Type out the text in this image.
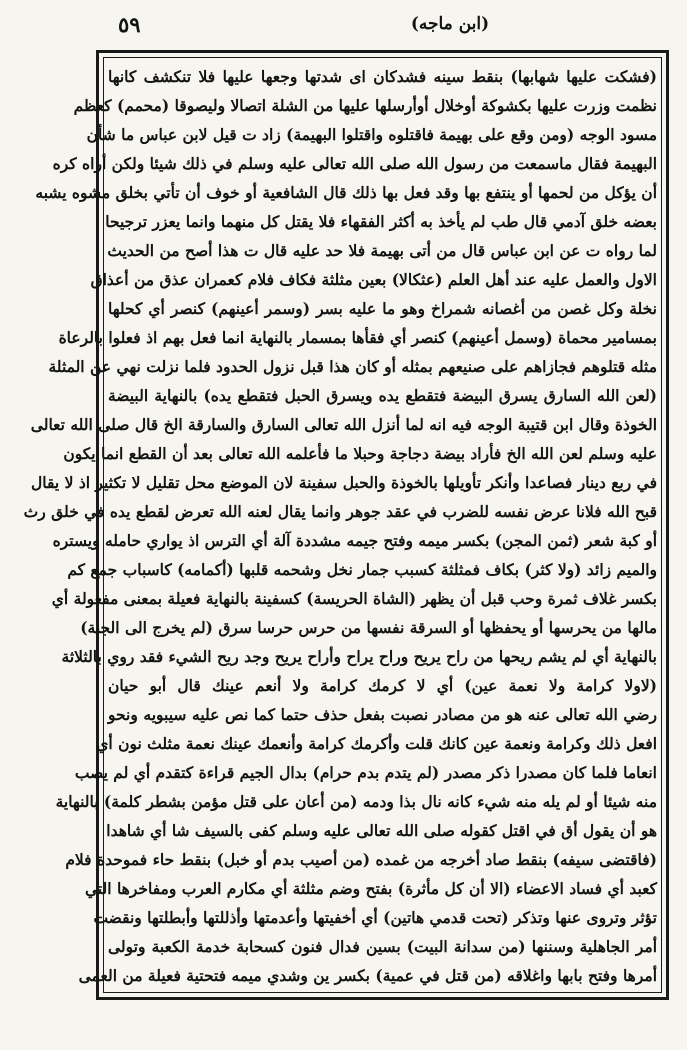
٥٩	(ابن ماجه)
(فشكت عليها شهابها) بنقط سينه فشدكان اى شدتها وجعها عليها فلا تنكشف كانها
نظمت وزرت عليها بكشوكة أوخلال أوأرسلها عليها من الشلة اتصالا وليصوقا (محمم) كعظم
مسود الوجه (ومن وقع على بهيمة فاقتلوه واقتلوا البهيمة) زاد ت قيل لابن عباس ما شأن
البهيمة فقال ماسمعت من رسول الله صلى الله تعالى عليه وسلم في ذلك شيئا ولكن أراه كره
أن يؤكل من لحمها أو ينتفع بها وقد فعل بها ذلك قال الشافعية أو خوف أن تأتي بخلق مشوه يشبه
بعضه خلق آدمي قال طب لم يأخذ به أكثر الفقهاء فلا يقتل كل منهما وانما يعزر ترجيحا
لما رواه ت عن ابن عباس قال من أتى بهيمة فلا حد عليه قال ت هذا أصح من الحديث
الاول والعمل عليه عند أهل العلم (عثكالا) بعين مثلثة فكاف فلام كعمران عذق من أعذاق
نخلة وكل غصن من أغصانه شمراخ وهو ما عليه بسر (وسمر أعينهم) كنصر أي كحلها
بمسامير محماة (وسمل أعينهم) كنصر أي فقأها بمسمار بالنهاية انما فعل بهم اذ فعلوا بالرعاة
مثله قتلوهم فجازاهم على صنيعهم بمثله أو كان هذا قبل نزول الحدود فلما نزلت نهي عن المثلة
(لعن الله السارق يسرق البيضة فتقطع يده ويسرق الحبل فتقطع يده) بالنهاية البيضة
الخوذة وقال ابن قتيبة الوجه فيه انه لما أنزل الله تعالى السارق والسارقة الخ قال صلى الله تعالى
عليه وسلم لعن الله الخ فأراد بيضة دجاجة وحبلا ما فأعلمه الله تعالى بعد أن القطع انما يكون
في ربع دينار فصاعدا وأنكر تأويلها بالخوذة والحبل سفينة لان الموضع محل تقليل لا تكثير اذ لا يقال
قبح الله فلانا عرض نفسه للضرب في عقد جوهر وانما يقال لعنه الله تعرض لقطع يده في خلق رث
أو كبة شعر (ثمن المجن) بكسر ميمه وفتح جيمه مشددة آلة أي الترس اذ يواري حامله ويستره
والميم زائد (ولا كثر) بكاف فمثلثة كسبب جمار نخل وشحمه قلبها (أكمامه) كاسباب جمع كم
بكسر غلاف ثمرة وحب قبل أن يظهر (الشاة الحريسة) كسفينة بالنهاية فعيلة بمعنى مفعولة أي
مالها من يحرسها أو يحفظها أو السرقة نفسها من حرس حرسا سرق (لم يخرج الى الجنة)
بالنهاية أي لم يشم ريحها من راح يريح وراح يراح وأراح يريح وجد ريح الشيء فقد روي بالثلاثة
(لاولا كرامة ولا نعمة عين) أي لا كرمك كرامة ولا أنعم عينك قال أبو حيان
رضي الله تعالى عنه هو من مصادر نصبت بفعل حذف حتما كما نص عليه سيبويه ونحو
افعل ذلك وكرامة ونعمة عين كانك قلت وأكرمك كرامة وأنعمك عينك نعمة مثلث نون أي
انعاما فلما كان مصدرا ذكر مصدر (لم يتدم بدم حرام) بدال الجيم قراءة كتقدم أي لم يصب
منه شيئا أو لم يله منه شيء كانه نال بذا ودمه (من أعان على قتل مؤمن بشطر كلمة) بالنهاية
هو أن يقول أق في اقتل كقوله صلى الله تعالى عليه وسلم كفى بالسيف شا أي شاهدا
(فاقتضى سيفه) بنقط صاد أخرجه من غمده (من أصيب بدم أو خبل) بنقط حاء فموحدة فلام
كعبد أي فساد الاعضاء (الا أن كل مأثرة) بفتح وضم مثلثة أي مكارم العرب ومفاخرها التي
تؤثر وتروى عنها وتذكر (تحت قدمي هاتين) أي أخفيتها وأعدمتها وأذللتها وأبطلتها ونقضت
أمر الجاهلية وسننها (من سدانة البيت) بسين فدال فنون كسحابة خدمة الكعبة وتولى
أمرها وفتح بابها واغلاقه (من قتل في عمية) بكسر ين وشدي ميمه فتحتية فعيلة من العمى
